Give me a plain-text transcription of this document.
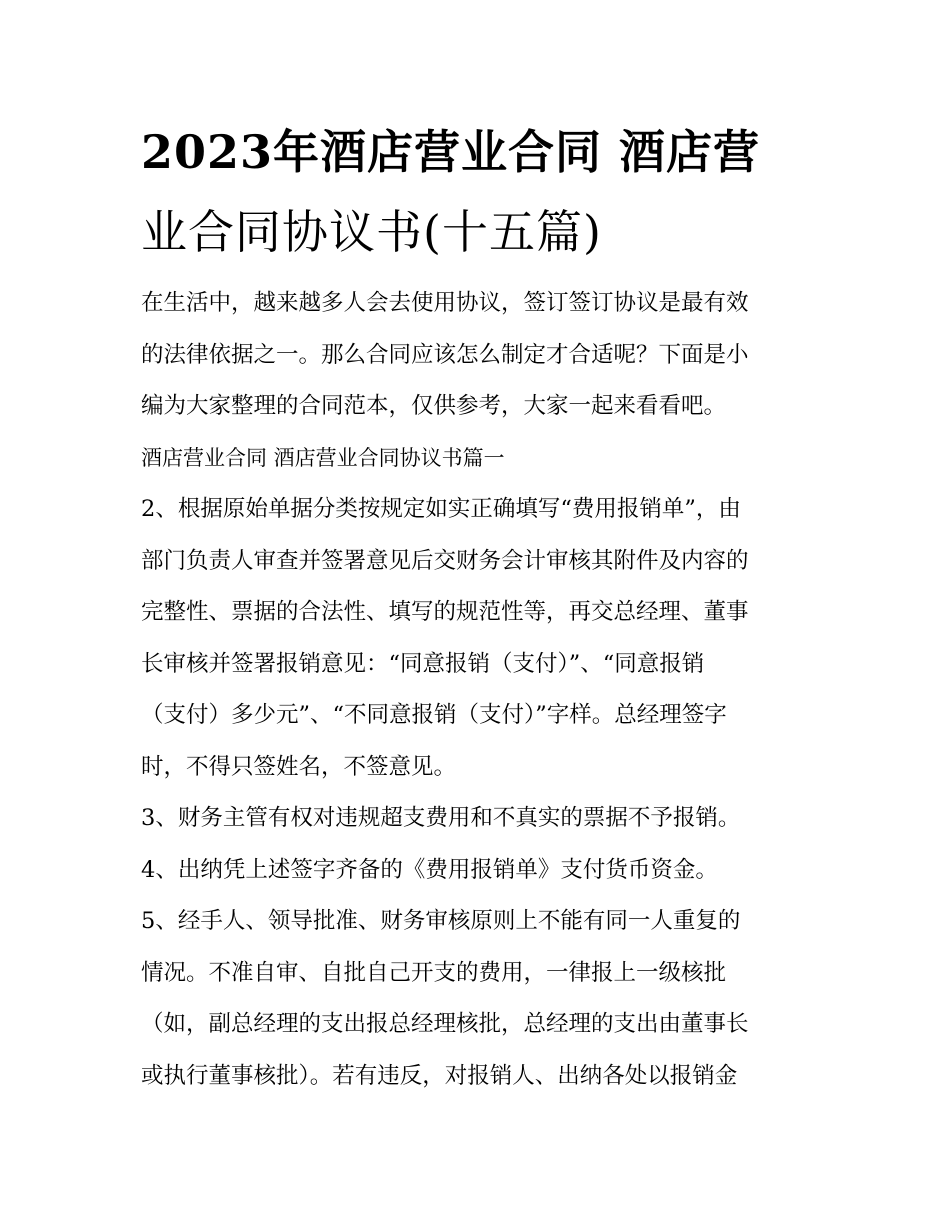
2023年酒店营业合同 酒店营
业合同协议书(十五篇)
在生活中，越来越多人会去使用协议，签订签订协议是最有效
的法律依据之一。那么合同应该怎么制定才合适呢？下面是小
编为大家整理的合同范本，仅供参考，大家一起来看看吧。
酒店营业合同 酒店营业合同协议书篇一
2、根据原始单据分类按规定如实正确填写“费用报销单”，由
部门负责人审查并签署意见后交财务会计审核其附件及内容的
完整性、票据的合法性、填写的规范性等，再交总经理、董事
长审核并签署报销意见：“同意报销（支付）”、“同意报销
（支付）多少元”、“不同意报销（支付）”字样。总经理签字
时，不得只签姓名，不签意见。
3、财务主管有权对违规超支费用和不真实的票据不予报销。
4、出纳凭上述签字齐备的《费用报销单》支付货币资金。
5、经手人、领导批准、财务审核原则上不能有同一人重复的
情况。不准自审、自批自己开支的费用，一律报上一级核批
（如，副总经理的支出报总经理核批，总经理的支出由董事长
或执行董事核批）。若有违反，对报销人、出纳各处以报销金
